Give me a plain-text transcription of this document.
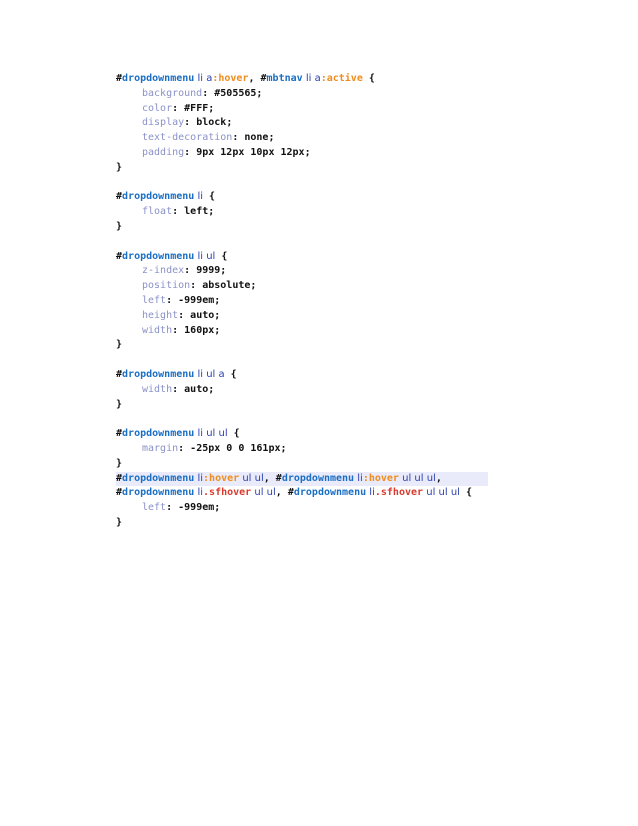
#dropdownmenu li a:hover, #mbtnav li a:active {
background: #505565;
color: #FFF;
display: block;
text-decoration: none;
padding: 9px 12px 10px 12px;
}
#dropdownmenu li {
float: left;
}
#dropdownmenu li ul {
z-index: 9999;
position: absolute;
left: -999em;
height: auto;
width: 160px;
}
#dropdownmenu li ul a {
width: auto;
}
#dropdownmenu li ul ul {
margin: -25px 0 0 161px;
}
#dropdownmenu li:hover ul ul, #dropdownmenu li:hover ul ul ul,
#dropdownmenu li.sfhover ul ul, #dropdownmenu li.sfhover ul ul ul {
left: -999em;
}
